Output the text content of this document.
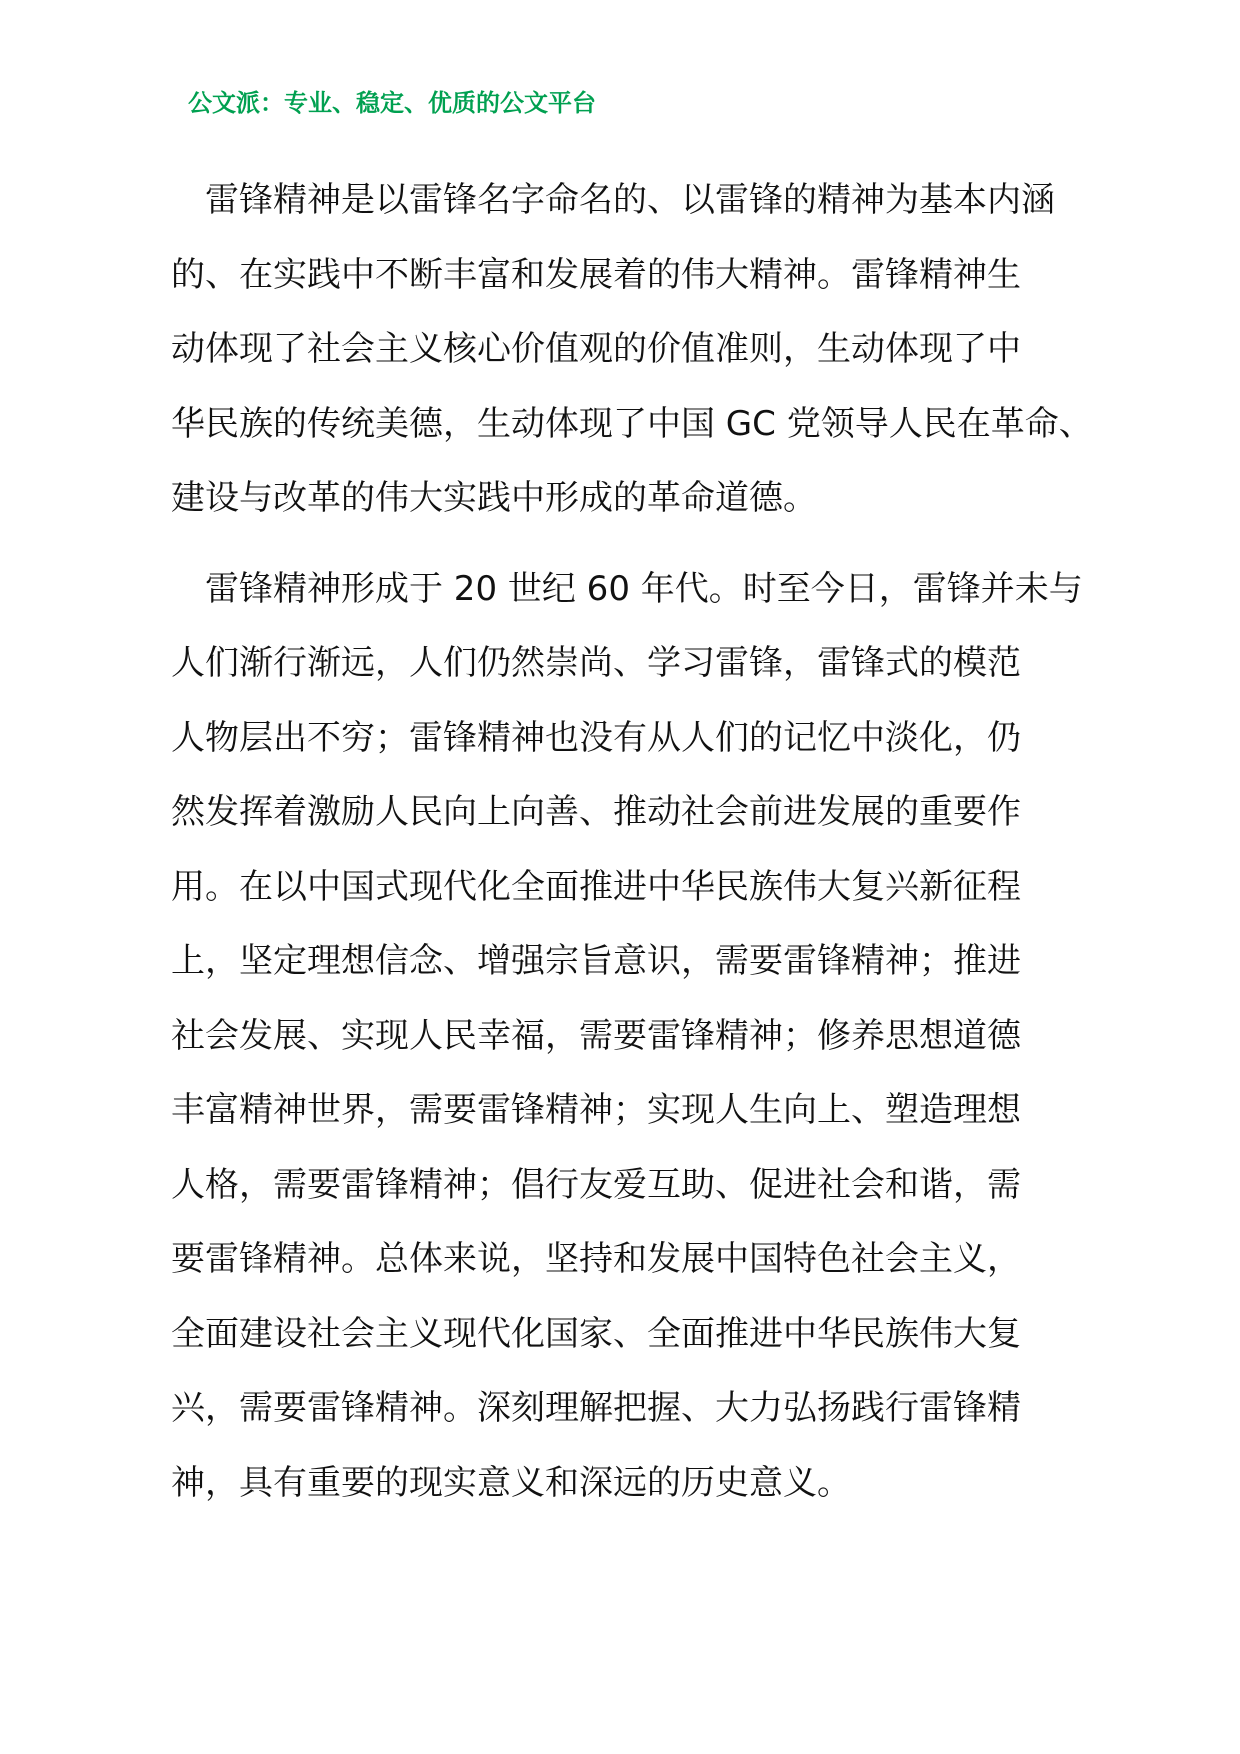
公文派：专业、稳定、优质的公文平台

雷锋精神是以雷锋名字命名的、以雷锋的精神为基本内涵
的、在实践中不断丰富和发展着的伟大精神。雷锋精神生
动体现了社会主义核心价值观的价值准则，生动体现了中
华民族的传统美德，生动体现了中国 GC 党领导人民在革命、
建设与改革的伟大实践中形成的革命道德。

雷锋精神形成于 20 世纪 60 年代。时至今日，雷锋并未与
人们渐行渐远，人们仍然崇尚、学习雷锋，雷锋式的模范
人物层出不穷；雷锋精神也没有从人们的记忆中淡化，仍
然发挥着激励人民向上向善、推动社会前进发展的重要作
用。在以中国式现代化全面推进中华民族伟大复兴新征程
上，坚定理想信念、增强宗旨意识，需要雷锋精神；推进
社会发展、实现人民幸福，需要雷锋精神；修养思想道德
丰富精神世界，需要雷锋精神；实现人生向上、塑造理想
人格，需要雷锋精神；倡行友爱互助、促进社会和谐，需
要雷锋精神。总体来说，坚持和发展中国特色社会主义，
全面建设社会主义现代化国家、全面推进中华民族伟大复
兴，需要雷锋精神。深刻理解把握、大力弘扬践行雷锋精
神，具有重要的现实意义和深远的历史意义。
